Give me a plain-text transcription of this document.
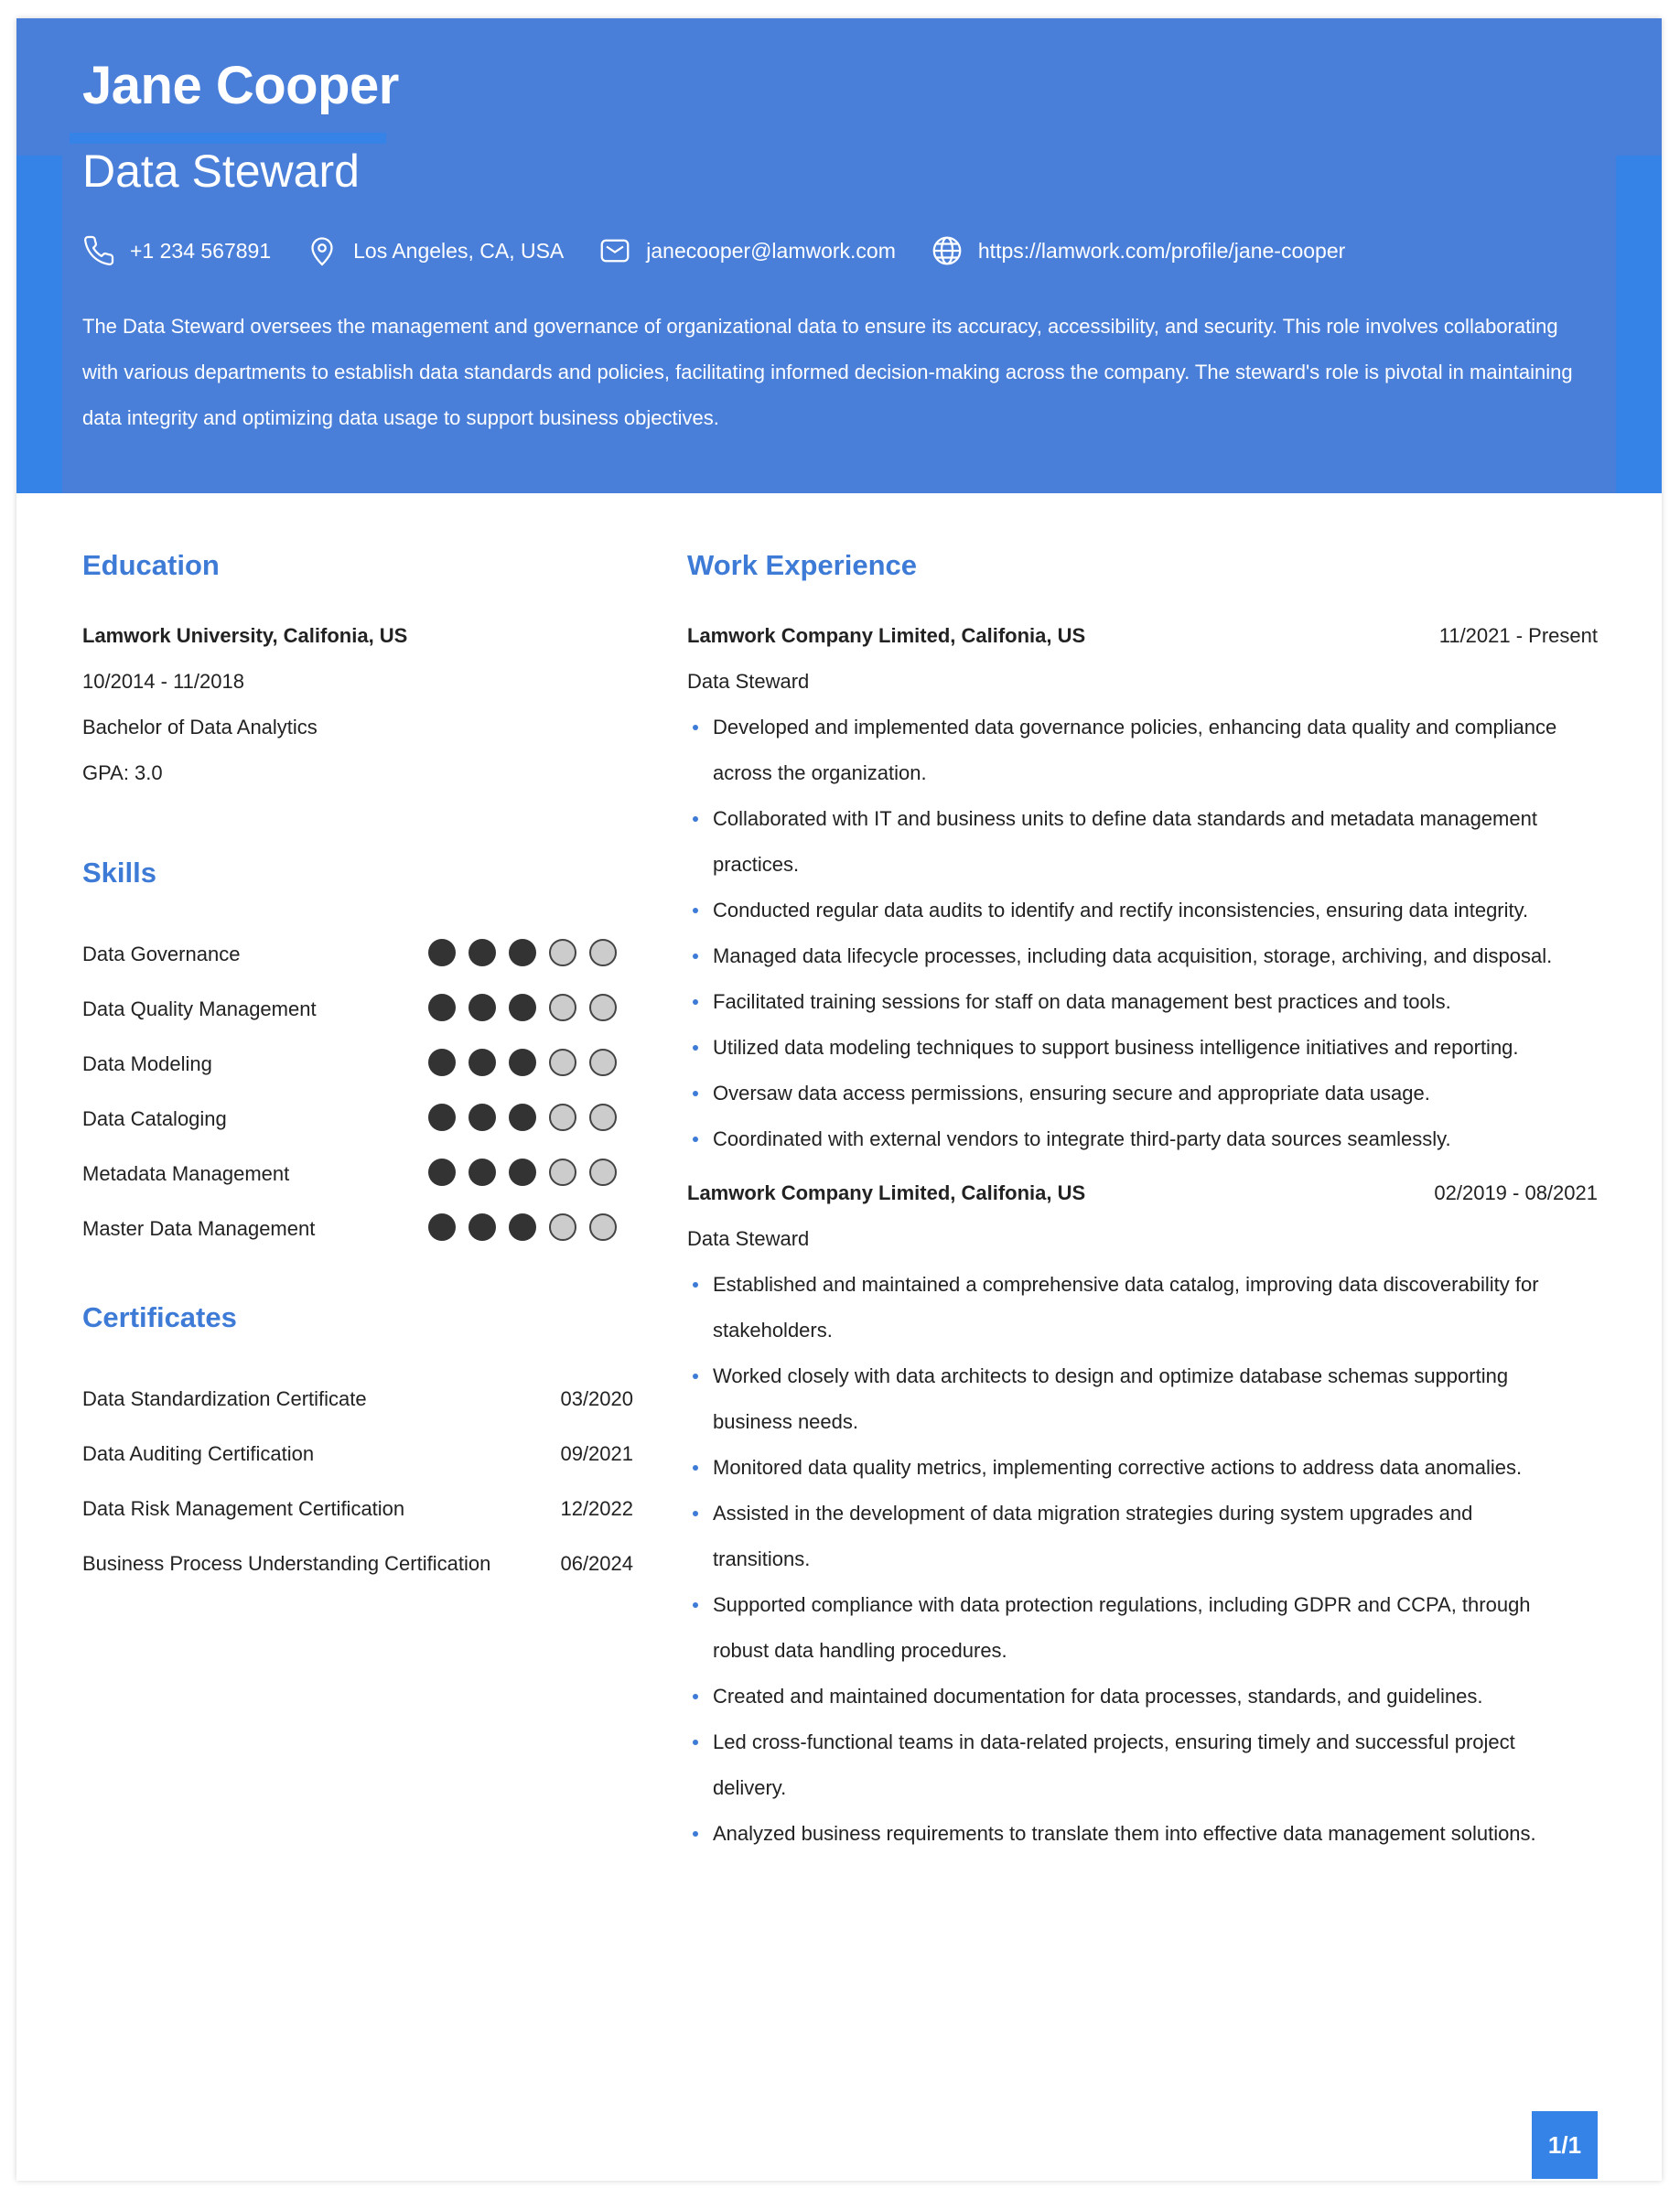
Jane Cooper
Data Steward
+1 234 567891	Los Angeles, CA, USA	janecooper@lamwork.com	https://lamwork.com/profile/jane-cooper
The Data Steward oversees the management and governance of organizational data to ensure its accuracy, accessibility, and security. This role involves collaborating with various departments to establish data standards and policies, facilitating informed decision-making across the company. The steward's role is pivotal in maintaining data integrity and optimizing data usage to support business objectives.
Education
Lamwork University, Califonia, US
10/2014 - 11/2018
Bachelor of Data Analytics
GPA: 3.0
Skills
Data Governance
Data Quality Management
Data Modeling
Data Cataloging
Metadata Management
Master Data Management
Certificates
Data Standardization Certificate	03/2020
Data Auditing Certification	09/2021
Data Risk Management Certification	12/2022
Business Process Understanding Certification	06/2024
Work Experience
Lamwork Company Limited, Califonia, US	11/2021 - Present
Data Steward
Developed and implemented data governance policies, enhancing data quality and compliance across the organization.
Collaborated with IT and business units to define data standards and metadata management practices.
Conducted regular data audits to identify and rectify inconsistencies, ensuring data integrity.
Managed data lifecycle processes, including data acquisition, storage, archiving, and disposal.
Facilitated training sessions for staff on data management best practices and tools.
Utilized data modeling techniques to support business intelligence initiatives and reporting.
Oversaw data access permissions, ensuring secure and appropriate data usage.
Coordinated with external vendors to integrate third-party data sources seamlessly.
Lamwork Company Limited, Califonia, US	02/2019 - 08/2021
Data Steward
Established and maintained a comprehensive data catalog, improving data discoverability for stakeholders.
Worked closely with data architects to design and optimize database schemas supporting business needs.
Monitored data quality metrics, implementing corrective actions to address data anomalies.
Assisted in the development of data migration strategies during system upgrades and transitions.
Supported compliance with data protection regulations, including GDPR and CCPA, through robust data handling procedures.
Created and maintained documentation for data processes, standards, and guidelines.
Led cross-functional teams in data-related projects, ensuring timely and successful project delivery.
Analyzed business requirements to translate them into effective data management solutions.
1/1
